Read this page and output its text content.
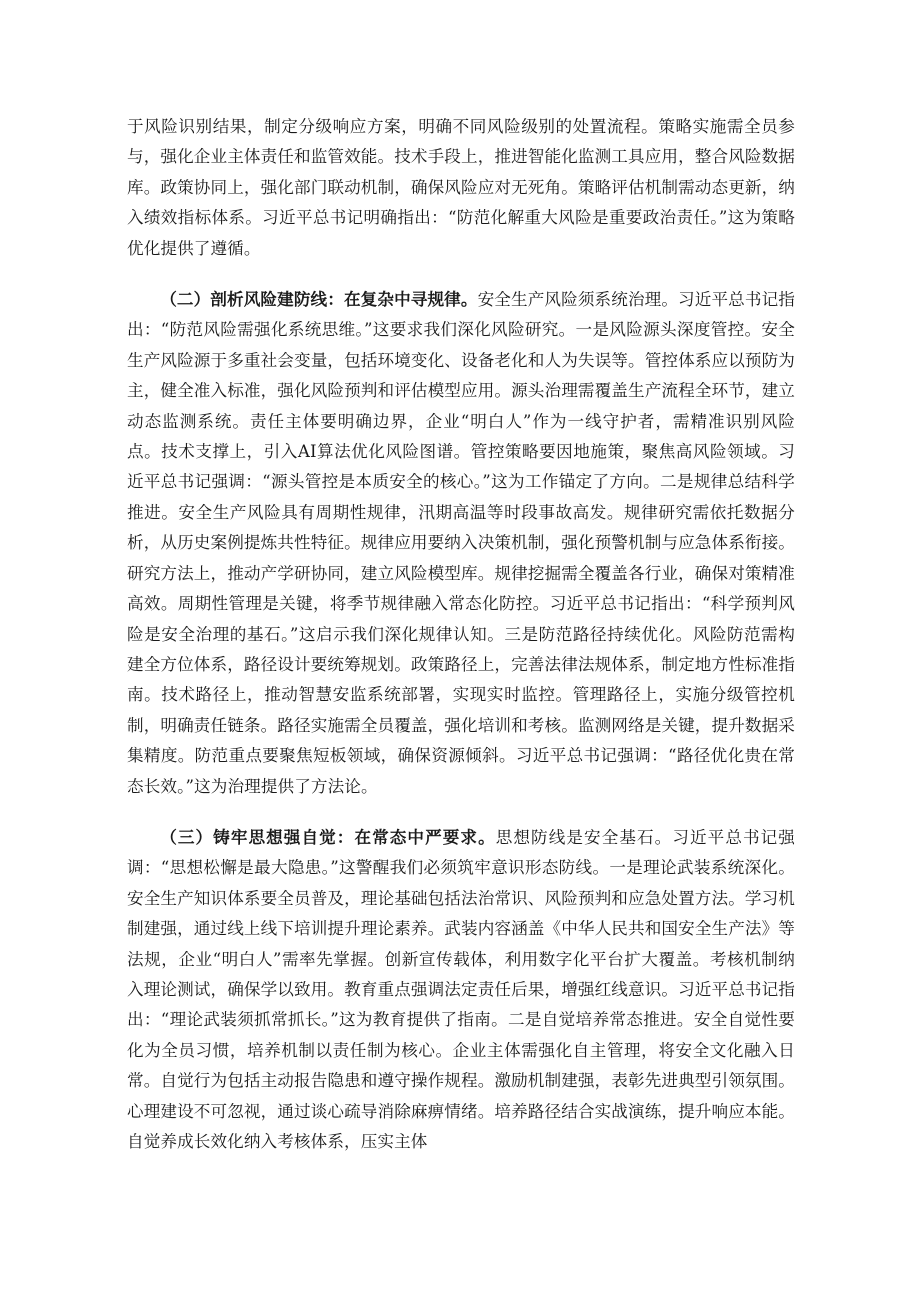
于风险识别结果，制定分级响应方案，明确不同风险级别的处置流程。策略实施需全员参与，强化企业主体责任和监管效能。技术手段上，推进智能化监测工具应用，整合风险数据库。政策协同上，强化部门联动机制，确保风险应对无死角。策略评估机制需动态更新，纳入绩效指标体系。习近平总书记明确指出：“防范化解重大风险是重要政治责任。”这为策略优化提供了遵循。

（二）剖析风险建防线：在复杂中寻规律。安全生产风险须系统治理。习近平总书记指出：“防范风险需强化系统思维。”这要求我们深化风险研究。一是风险源头深度管控。安全生产风险源于多重社会变量，包括环境变化、设备老化和人为失误等。管控体系应以预防为主，健全准入标准，强化风险预判和评估模型应用。源头治理需覆盖生产流程全环节，建立动态监测系统。责任主体要明确边界，企业“明白人”作为一线守护者，需精准识别风险点。技术支撑上，引入AI算法优化风险图谱。管控策略要因地施策，聚焦高风险领域。习近平总书记强调：“源头管控是本质安全的核心。”这为工作锚定了方向。二是规律总结科学推进。安全生产风险具有周期性规律，汛期高温等时段事故高发。规律研究需依托数据分析，从历史案例提炼共性特征。规律应用要纳入决策机制，强化预警机制与应急体系衔接。研究方法上，推动产学研协同，建立风险模型库。规律挖掘需全覆盖各行业，确保对策精准高效。周期性管理是关键，将季节规律融入常态化防控。习近平总书记指出：“科学预判风险是安全治理的基石。”这启示我们深化规律认知。三是防范路径持续优化。风险防范需构建全方位体系，路径设计要统筹规划。政策路径上，完善法律法规体系，制定地方性标准指南。技术路径上，推动智慧安监系统部署，实现实时监控。管理路径上，实施分级管控机制，明确责任链条。路径实施需全员覆盖，强化培训和考核。监测网络是关键，提升数据采集精度。防范重点要聚焦短板领域，确保资源倾斜。习近平总书记强调：“路径优化贵在常态长效。”这为治理提供了方法论。

（三）铸牢思想强自觉：在常态中严要求。思想防线是安全基石。习近平总书记强调：“思想松懈是最大隐患。”这警醒我们必须筑牢意识形态防线。一是理论武装系统深化。安全生产知识体系要全员普及，理论基础包括法治常识、风险预判和应急处置方法。学习机制建强，通过线上线下培训提升理论素养。武装内容涵盖《中华人民共和国安全生产法》等法规，企业“明白人”需率先掌握。创新宣传载体，利用数字化平台扩大覆盖。考核机制纳入理论测试，确保学以致用。教育重点强调法定责任后果，增强红线意识。习近平总书记指出：“理论武装须抓常抓长。”这为教育提供了指南。二是自觉培养常态推进。安全自觉性要化为全员习惯，培养机制以责任制为核心。企业主体需强化自主管理，将安全文化融入日常。自觉行为包括主动报告隐患和遵守操作规程。激励机制建强，表彰先进典型引领氛围。心理建设不可忽视，通过谈心疏导消除麻痹情绪。培养路径结合实战演练，提升响应本能。自觉养成长效化纳入考核体系，压实主体
